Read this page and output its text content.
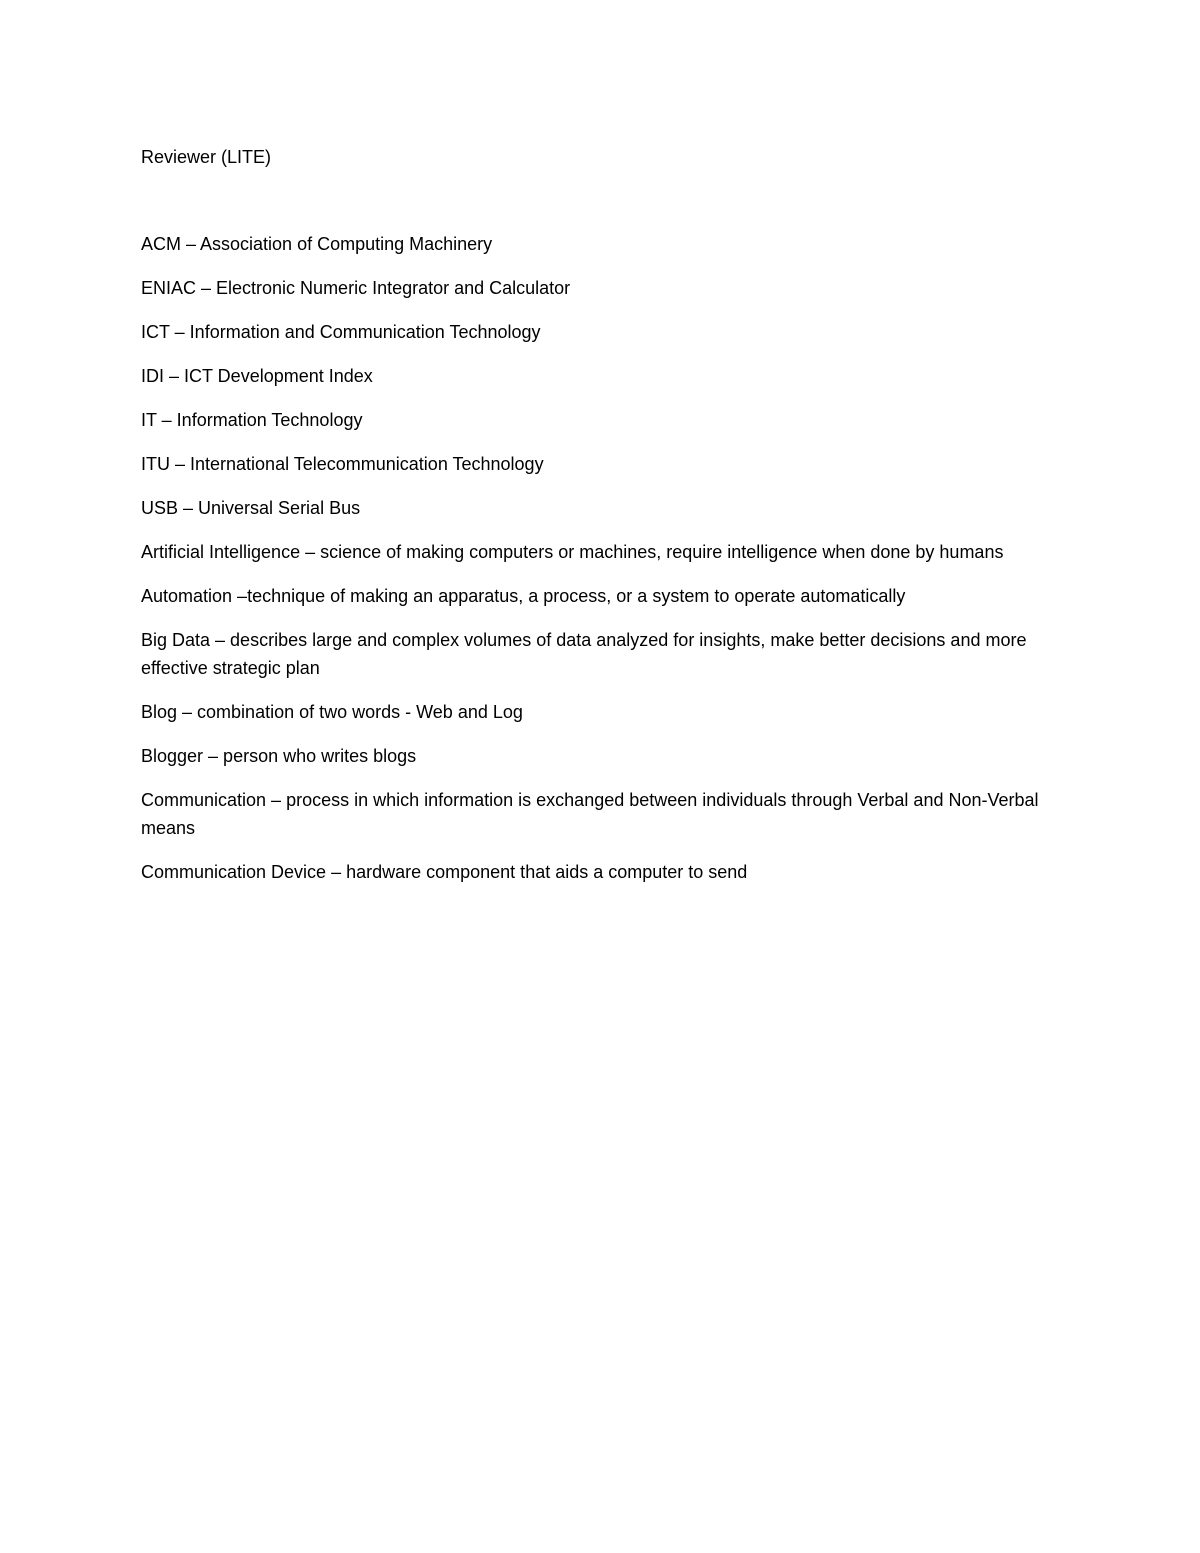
Reviewer (LITE)

ACM – Association of Computing Machinery
ENIAC – Electronic Numeric Integrator and Calculator
ICT – Information and Communication Technology
IDI – ICT Development Index
IT – Information Technology
ITU – International Telecommunication Technology
USB – Universal Serial Bus
Artificial Intelligence – science of making computers or machines, require intelligence when done by humans
Automation –technique of making an apparatus, a process, or a system to operate automatically
Big Data – describes large and complex volumes of data analyzed for insights, make better decisions and more effective strategic plan
Blog – combination of two words - Web and Log
Blogger – person who writes blogs
Communication – process in which information is exchanged between individuals through Verbal and Non-Verbal means
Communication Device – hardware component that aids a computer to send
